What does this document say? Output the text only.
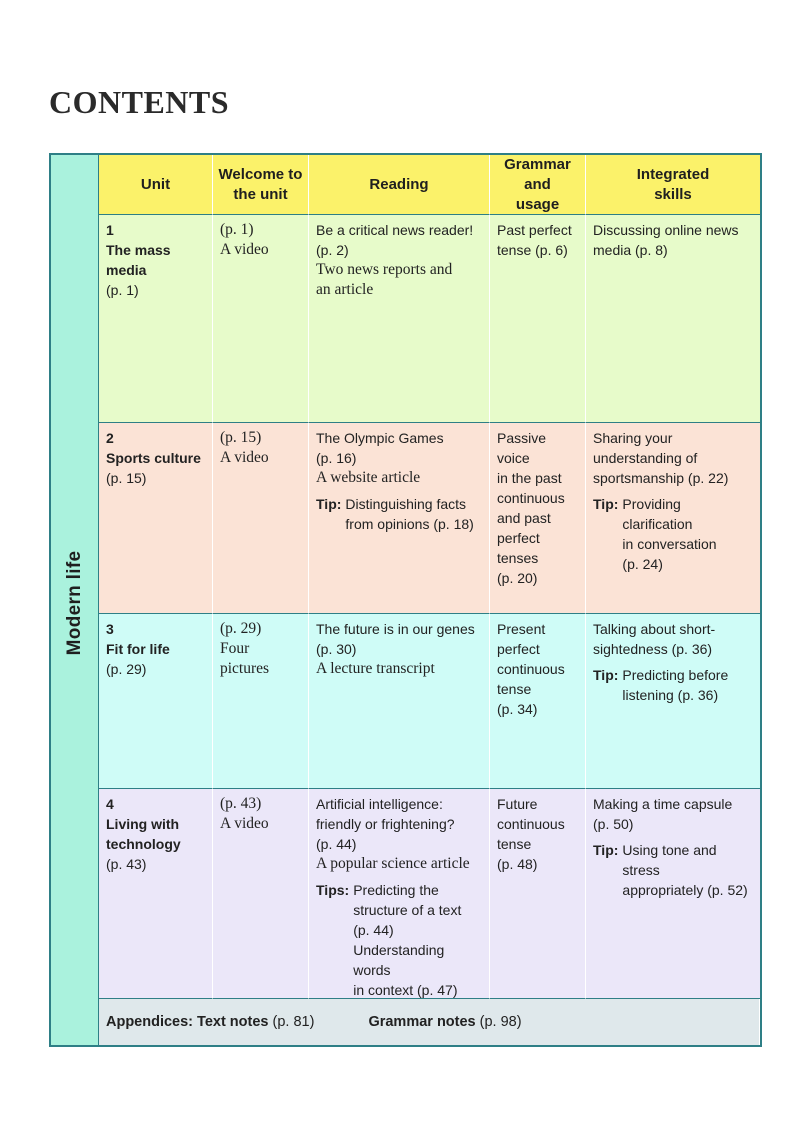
CONTENTS
Modern life
Unit
Welcome to
the unit
Reading
Grammar
and
usage
Integrated
skills
1
The mass media
(p. 1)
(p. 1)
A video
Be a critical news reader!
(p. 2)
Two news reports and
an article
Past perfect
tense (p. 6)
Discussing online news
media (p. 8)
2
Sports culture
(p. 15)
(p. 15)
A video
The Olympic Games
(p. 16)
A website article
Tip: Distinguishing facts
from opinions (p. 18)
Passive voice
in the past
continuous
and past
perfect
tenses
(p. 20)
Sharing your
understanding of
sportsmanship (p. 22)
Tip: Providing clarification
in conversation
(p. 24)
3
Fit for life
(p. 29)
(p. 29)
Four
pictures
The future is in our genes
(p. 30)
A lecture transcript
Present
perfect
continuous
tense
(p. 34)
Talking about short-
sightedness (p. 36)
Tip: Predicting before
listening (p. 36)
4
Living with technology
(p. 43)
(p. 43)
A video
Artificial intelligence:
friendly or frightening?
(p. 44)
A popular science article
Tips: Predicting the
structure of a text
(p. 44)
Understanding words
in context (p. 47)
Future
continuous
tense
(p. 48)
Making a time capsule
(p. 50)
Tip: Using tone and stress
appropriately (p. 52)
Appendices: Text notes (p. 81)	Grammar notes (p. 98)
